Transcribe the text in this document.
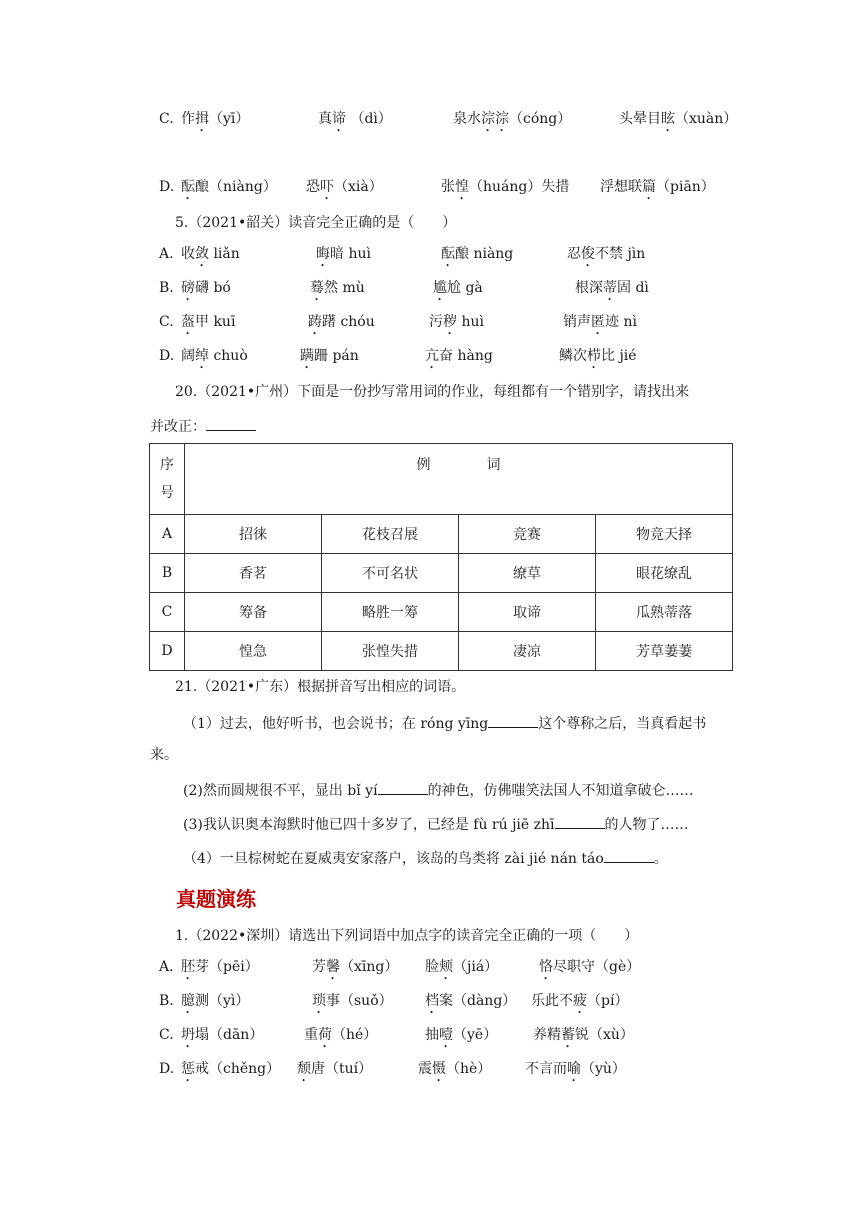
C. 作揖（yī）	真谛 （dì）	泉水淙淙（cóng）	头晕目眩（xuàn）
D. 酝酿（niàng） 恐吓（xià）	张惶（huáng）失措 浮想联篇（piān）
5.（2021•韶关）读音完全正确的是（　　）
A. 收敛 liǎn	晦暗 huì	酝酿 niàng	忍俊不禁 jìn
B. 磅礴 bó	蓦然 mù	尴尬 gà	根深蒂固 dì
C. 盔甲 kuī	踌躇 chóu	污秽 huì	销声匿迹 nì
D. 阔绰 chuò	蹒跚 pán	亢奋 hàng	鳞次栉比 jié
20.（2021•广州）下面是一份抄写常用词的作业，每组都有一个错别字，请找出来
并改正：
序
号	例　　　　词			
A	招徕	花枝召展	竞赛	物竞天择
B	香茗	不可名状	缭草	眼花缭乱
C	筹备	略胜一筹	取谛	瓜熟蒂落
D	惶急	张惶失措	凄凉	芳草萋萋
21.（2021•广东）根据拼音写出相应的词语。
（1）过去，他好听书，也会说书；在 róng yīng	这个尊称之后，当真看起书
来。
(2)然而圆规很不平，显出 bǐ yí	的神色，仿佛嗤笑法国人不知道拿破仑……
(3)我认识奥本海默时他已四十多岁了，已经是 fù rú jiē zhī	的人物了……
（4）一旦棕树蛇在夏威夷安家落户，该岛的鸟类将 zài jié nán táo	。
真题演练
1.（2022•深圳）请选出下列词语中加点字的读音完全正确的一项（　　）
A. 胚芽（pēi）	芳馨（xīng） 脸颊（jiá）	恪尽职守（gè）
B. 臆测（yì）	琐事（suǒ） 档案（dàng） 乐此不疲（pí）
C. 坍塌（dān）	重荷（hé）	抽噎（yē）	养精蓄锐（xù）
D. 惩戒（chěng） 颓唐（tuí）	震慑（hè） 不言而喻（yù）
